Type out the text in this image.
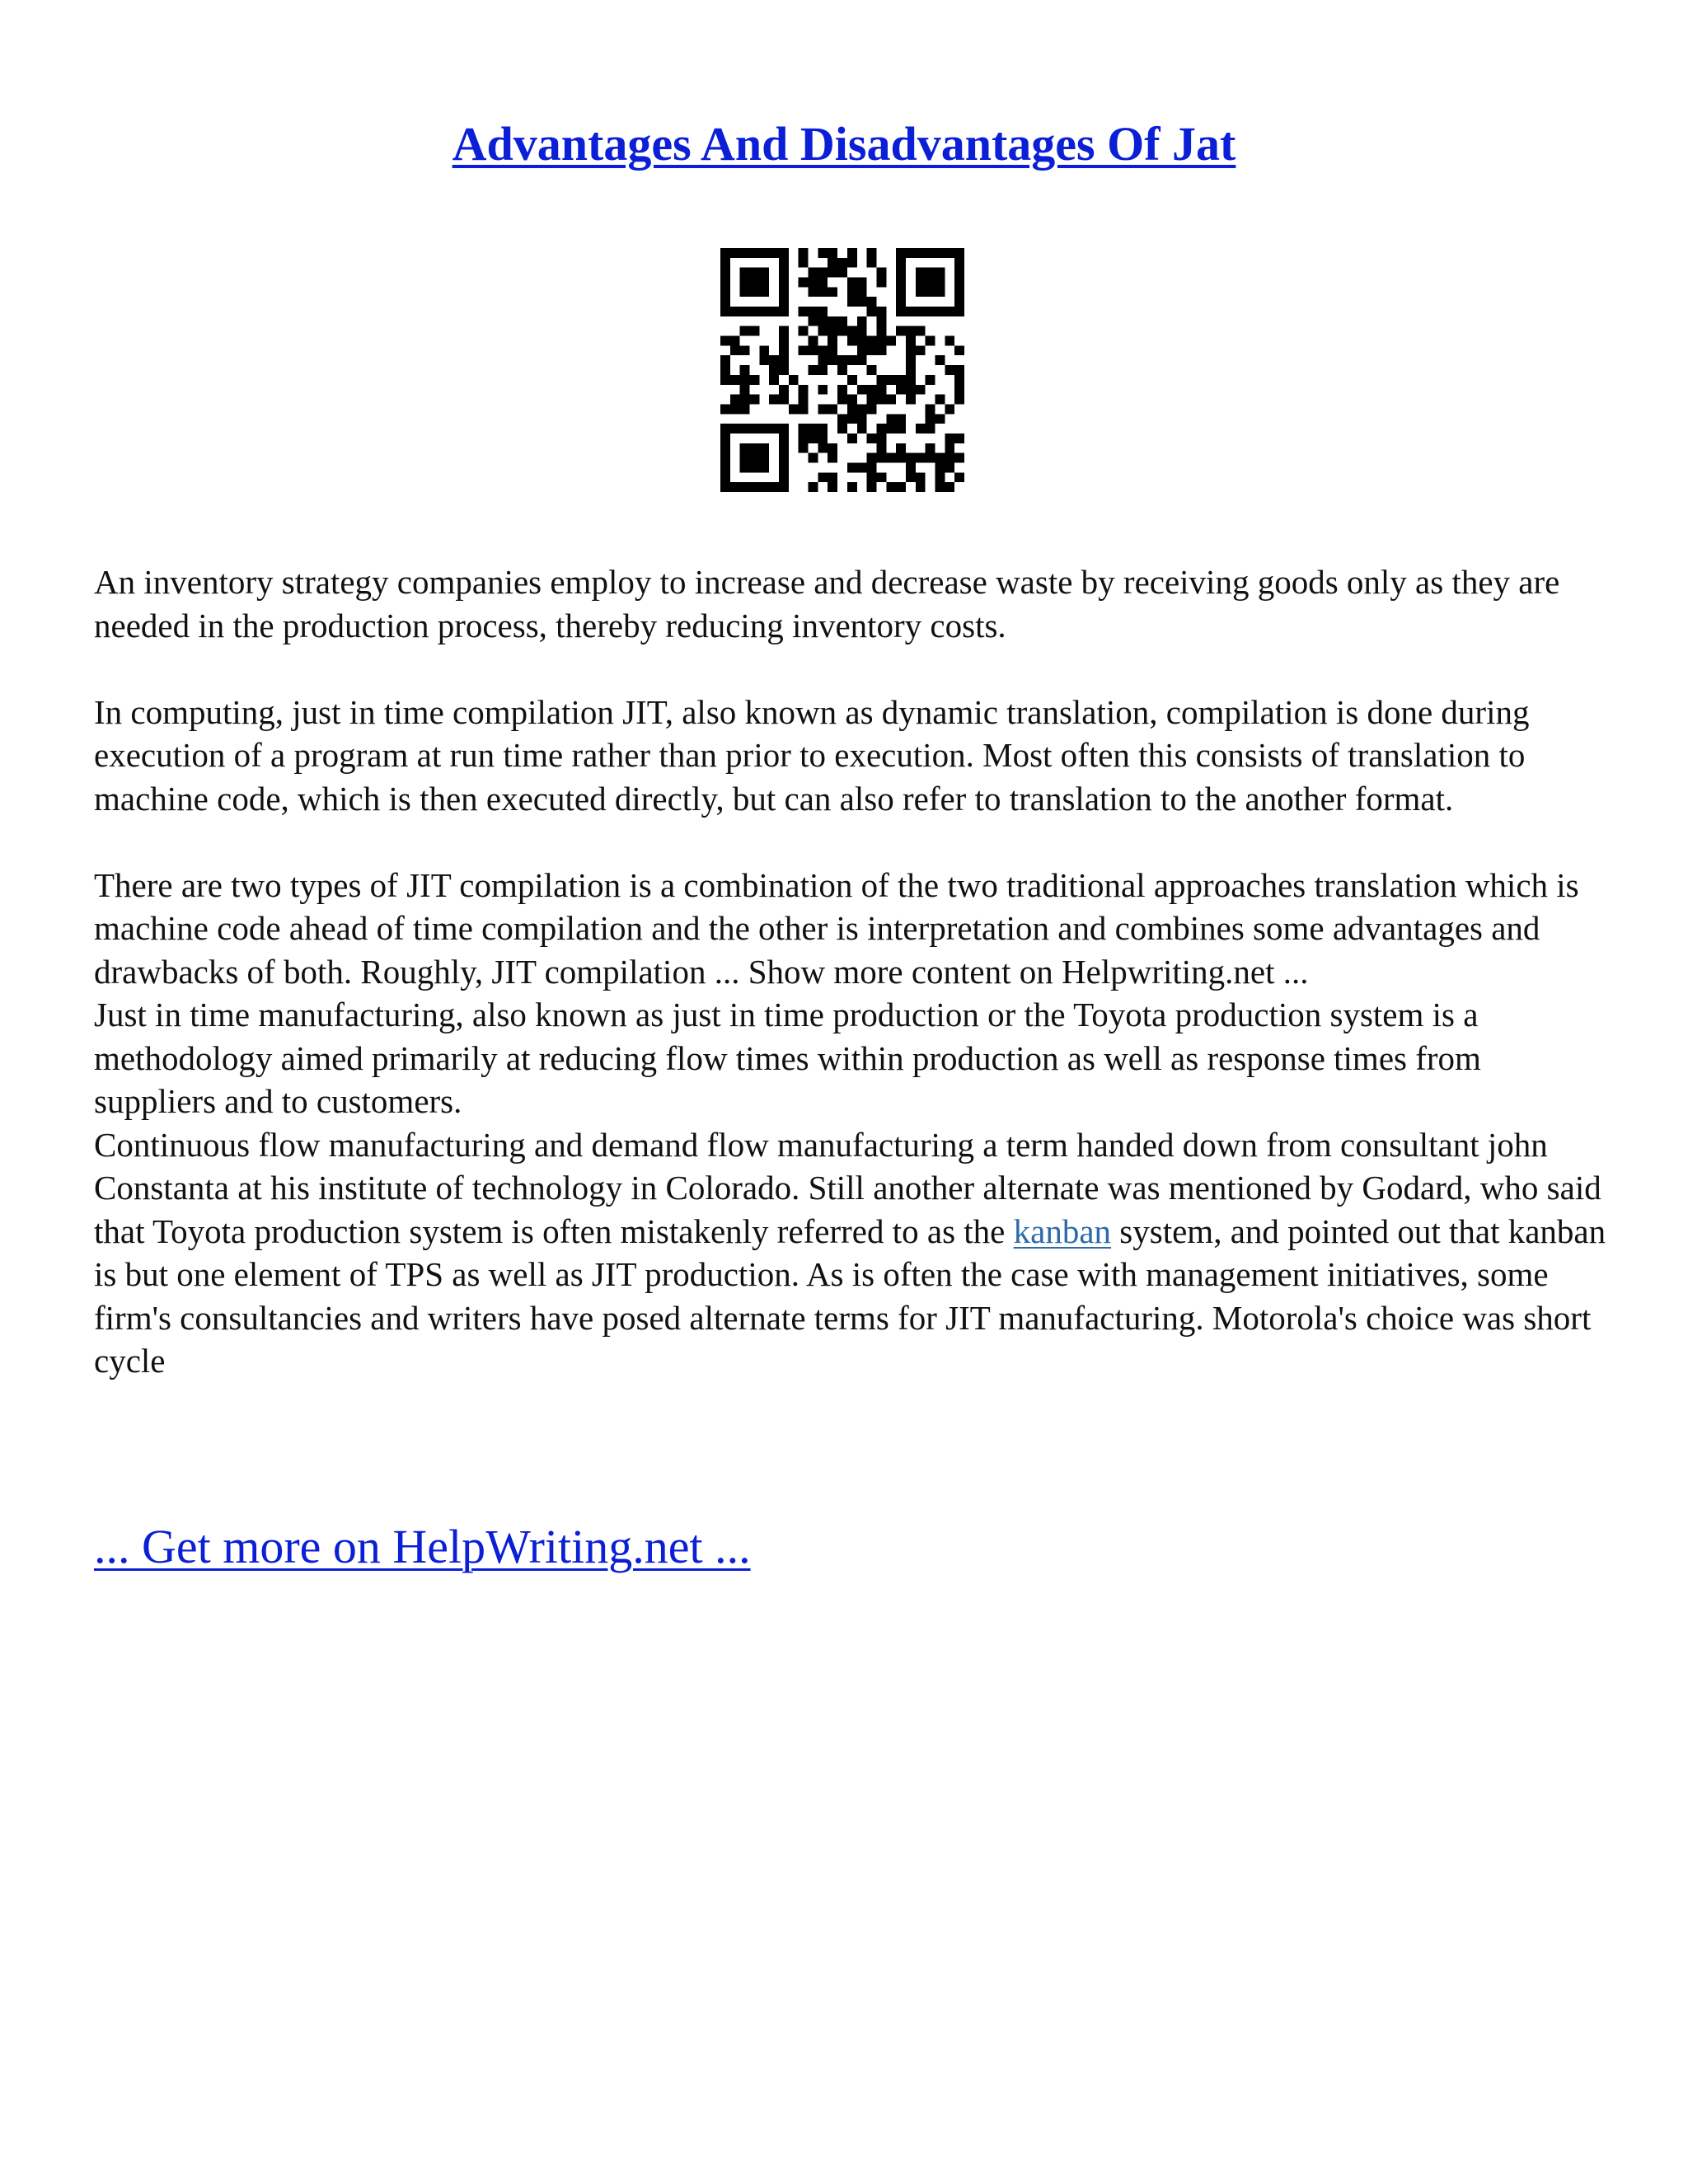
Advantages And Disadvantages Of Jat

An inventory strategy companies employ to increase and decrease waste by receiving goods only as they are needed in the production process, thereby reducing inventory costs.

In computing, just in time compilation JIT, also known as dynamic translation, compilation is done during execution of a program at run time rather than prior to execution. Most often this consists of translation to machine code, which is then executed directly, but can also refer to translation to the another format.

There are two types of JIT compilation is a combination of the two traditional approaches translation which is machine code ahead of time compilation and the other is interpretation and combines some advantages and drawbacks of both. Roughly, JIT compilation ... Show more content on Helpwriting.net ...

Just in time manufacturing, also known as just in time production or the Toyota production system is a methodology aimed primarily at reducing flow times within production as well as response times from suppliers and to customers.

Continuous flow manufacturing and demand flow manufacturing a term handed down from consultant john Constanta at his institute of technology in Colorado. Still another alternate was mentioned by Godard, who said that Toyota production system is often mistakenly referred to as the kanban system, and pointed out that kanban is but one element of TPS as well as JIT production. As is often the case with management initiatives, some firm's consultancies and writers have posed alternate terms for JIT manufacturing. Motorola's choice was short cycle

... Get more on HelpWriting.net ...
